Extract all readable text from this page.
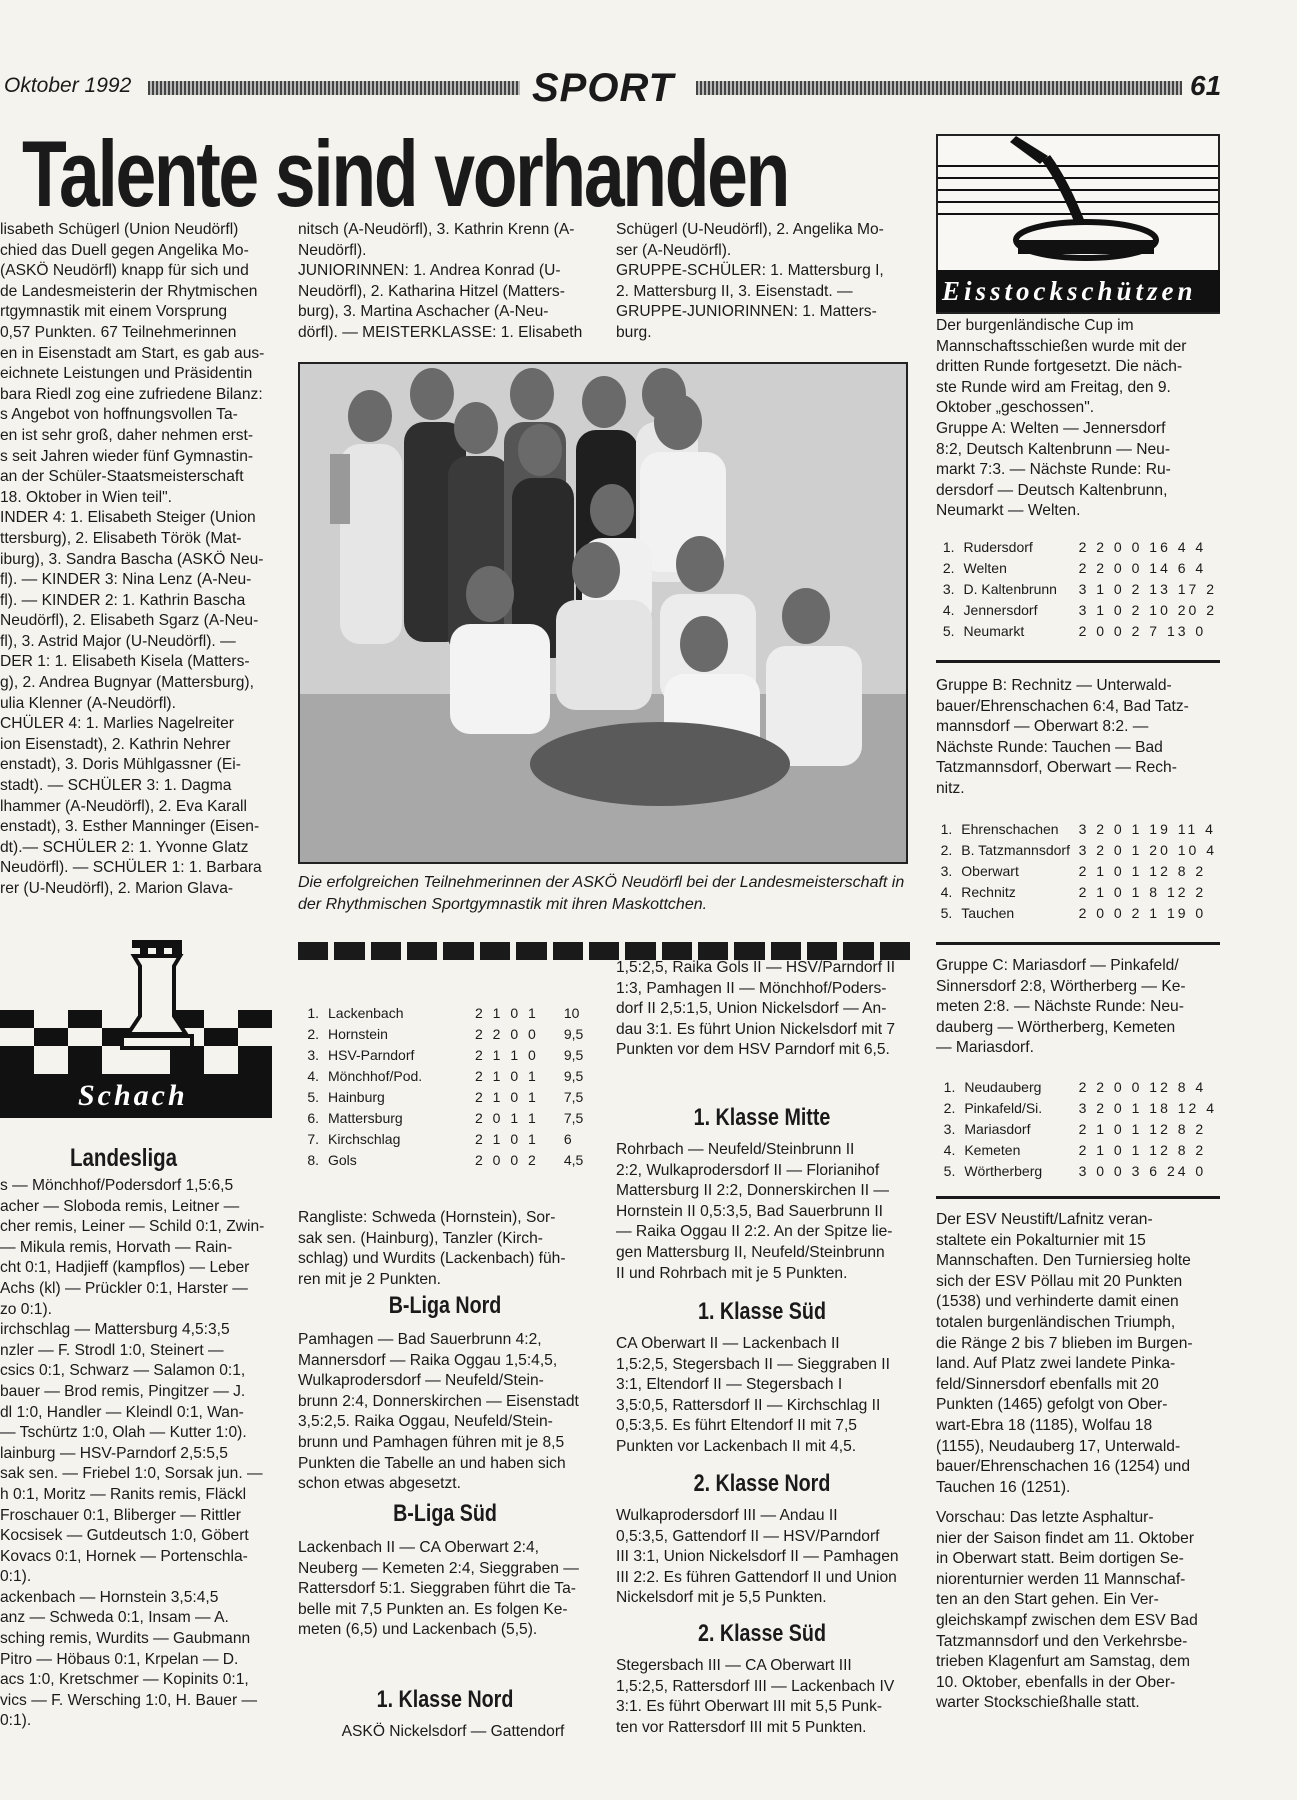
Oktober 1992	SPORT	61
Talente sind vorhanden
lisabeth Schügerl (Union Neudörfl)
chied das Duell gegen Angelika Mo-
(ASKÖ Neudörfl) knapp für sich und
de Landesmeisterin der Rhytmischen
rtgymnastik mit einem Vorsprung
0,57 Punkten. 67 Teilnehmerinnen
en in Eisenstadt am Start, es gab aus-
eichnete Leistungen und Präsidentin
bara Riedl zog eine zufriedene Bilanz:
s Angebot von hoffnungsvollen Ta-
en ist sehr groß, daher nehmen erst-
s seit Jahren wieder fünf Gymnastin-
an der Schüler-Staatsmeisterschaft
18. Oktober in Wien teil".
INDER 4: 1. Elisabeth Steiger (Union
ttersburg), 2. Elisabeth Török (Mat-
iburg), 3. Sandra Bascha (ASKÖ Neu-
fl). — KINDER 3: Nina Lenz (A-Neu-
fl). — KINDER 2: 1. Kathrin Bascha
Neudörfl), 2. Elisabeth Sgarz (A-Neu-
fl), 3. Astrid Major (U-Neudörfl). —
DER 1: 1. Elisabeth Kisela (Matters-
g), 2. Andrea Bugnyar (Mattersburg),
ulia Klenner (A-Neudörfl).
CHÜLER 4: 1. Marlies Nagelreiter
ion Eisenstadt), 2. Kathrin Nehrer
enstadt), 3. Doris Mühlgassner (Ei-
stadt). — SCHÜLER 3: 1. Dagma
lhammer (A-Neudörfl), 2. Eva Karall
enstadt), 3. Esther Manninger (Eisen-
dt).— SCHÜLER 2: 1. Yvonne Glatz
Neudörfl). — SCHÜLER 1: 1. Barbara
rer (U-Neudörfl), 2. Marion Glava-
nitsch (A-Neudörfl), 3. Kathrin Krenn (A-
Neudörfl).
JUNIORINNEN: 1. Andrea Konrad (U-
Neudörfl), 2. Katharina Hitzel (Matters-
burg), 3. Martina Aschacher (A-Neu-
dörfl). — MEISTERKLASSE: 1. Elisabeth
Schügerl (U-Neudörfl), 2. Angelika Mo-
ser (A-Neudörfl).
GRUPPE-SCHÜLER: 1. Mattersburg I,
2. Mattersburg II, 3. Eisenstadt. —
GRUPPE-JUNIORINNEN: 1. Matters-
burg.
Die erfolgreichen Teilnehmerinnen der ASKÖ Neudörfl bei der Landesmeisterschaft in der Rhythmischen Sportgymnastik mit ihren Maskottchen.
Schach
Landesliga
s — Mönchhof/Podersdorf 1,5:6,5
acher — Sloboda remis, Leitner —
cher remis, Leiner — Schild 0:1, Zwin-
— Mikula remis, Horvath — Rain-
cht 0:1, Hadjieff (kampflos) — Leber
Achs (kl) — Prückler 0:1, Harster —
zo 0:1).
irchschlag — Mattersburg 4,5:3,5
nzler — F. Strodl 1:0, Steinert —
csics 0:1, Schwarz — Salamon 0:1,
bauer — Brod remis, Pingitzer — J.
dl 1:0, Handler — Kleindl 0:1, Wan-
— Tschürtz 1:0, Olah — Kutter 1:0).
lainburg — HSV-Parndorf 2,5:5,5
sak sen. — Friebel 1:0, Sorsak jun. —
h 0:1, Moritz — Ranits remis, Fläckl
Froschauer 0:1, Bliberger — Rittler
Kocsisek — Gutdeutsch 1:0, Göbert
Kovacs 0:1, Hornek — Portenschla-
0:1).
ackenbach — Hornstein 3,5:4,5
anz — Schweda 0:1, Insam — A.
sching remis, Wurdits — Gaubmann
Pitro — Höbaus 0:1, Krpelan — D.
acs 1:0, Kretschmer — Kopinits 0:1,
vics — F. Wersching 1:0, H. Bauer —
0:1).
1.	Lackenbach	2 1 0 1	10
2.	Hornstein	2 2 0 0	9,5
3.	HSV-Parndorf	2 1 1 0	9,5
4.	Mönchhof/Pod.	2 1 0 1	9,5
5.	Hainburg	2 1 0 1	7,5
6.	Mattersburg	2 0 1 1	7,5
7.	Kirchschlag	2 1 0 1	6
8.	Gols	2 0 0 2	4,5
Rangliste: Schweda (Hornstein), Sor-
sak sen. (Hainburg), Tanzler (Kirch-
schlag) und Wurdits (Lackenbach) füh-
ren mit je 2 Punkten.
B-Liga Nord
Pamhagen — Bad Sauerbrunn 4:2,
Mannersdorf — Raika Oggau 1,5:4,5,
Wulkaprodersdorf — Neufeld/Stein-
brunn 2:4, Donnerskirchen — Eisenstadt
3,5:2,5. Raika Oggau, Neufeld/Stein-
brunn und Pamhagen führen mit je 8,5
Punkten die Tabelle an und haben sich
schon etwas abgesetzt.
B-Liga Süd
Lackenbach II — CA Oberwart 2:4,
Neuberg — Kemeten 2:4, Sieggraben —
Rattersdorf 5:1. Sieggraben führt die Ta-
belle mit 7,5 Punkten an. Es folgen Ke-
meten (6,5) und Lackenbach (5,5).
1. Klasse Nord
ASKÖ Nickelsdorf — Gattendorf
1,5:2,5, Raika Gols II — HSV/Parndorf II
1:3, Pamhagen II — Mönchhof/Poders-
dorf II 2,5:1,5, Union Nickelsdorf — An-
dau 3:1. Es führt Union Nickelsdorf mit 7
Punkten vor dem HSV Parndorf mit 6,5.
1. Klasse Mitte
Rohrbach — Neufeld/Steinbrunn II
2:2, Wulkaprodersdorf II — Florianihof
Mattersburg II 2:2, Donnerskirchen II —
Hornstein II 0,5:3,5, Bad Sauerbrunn II
— Raika Oggau II 2:2. An der Spitze lie-
gen Mattersburg II, Neufeld/Steinbrunn
II und Rohrbach mit je 5 Punkten.
1. Klasse Süd
CA Oberwart II — Lackenbach II
1,5:2,5, Stegersbach II — Sieggraben II
3:1, Eltendorf II — Stegersbach I
3,5:0,5, Rattersdorf II — Kirchschlag II
0,5:3,5. Es führt Eltendorf II mit 7,5
Punkten vor Lackenbach II mit 4,5.
2. Klasse Nord
Wulkaprodersdorf III — Andau II
0,5:3,5, Gattendorf II — HSV/Parndorf
III 3:1, Union Nickelsdorf II — Pamhagen
III 2:2. Es führen Gattendorf II und Union
Nickelsdorf mit je 5,5 Punkten.
2. Klasse Süd
Stegersbach III — CA Oberwart III
1,5:2,5, Rattersdorf III — Lackenbach IV
3:1. Es führt Oberwart III mit 5,5 Punk-
ten vor Rattersdorf III mit 5 Punkten.
Eisstockschützen
Der burgenländische Cup im
Mannschaftsschießen wurde mit der
dritten Runde fortgesetzt. Die näch-
ste Runde wird am Freitag, den 9.
Oktober „geschossen".
Gruppe A: Welten — Jennersdorf
8:2, Deutsch Kaltenbrunn — Neu-
markt 7:3. — Nächste Runde: Ru-
dersdorf — Deutsch Kaltenbrunn,
Neumarkt — Welten.
1.	Rudersdorf	2 2 0 0 16 4 4
2.	Welten	2 2 0 0 14 6 4
3.	D. Kaltenbrunn	3 1 0 2 13 17 2
4.	Jennersdorf	3 1 0 2 10 20 2
5.	Neumarkt	2 0 0 2 7 13 0
Gruppe B: Rechnitz — Unterwald-
bauer/Ehrenschachen 6:4, Bad Tatz-
mannsdorf — Oberwart 8:2. —
Nächste Runde: Tauchen — Bad
Tatzmannsdorf, Oberwart — Rech-
nitz.
1.	Ehrenschachen	3 2 0 1 19 11 4
2.	B. Tatzmannsdorf	3 2 0 1 20 10 4
3.	Oberwart	2 1 0 1 12 8 2
4.	Rechnitz	2 1 0 1 8 12 2
5.	Tauchen	2 0 0 2 1 19 0
Gruppe C: Mariasdorf — Pinkafeld/
Sinnersdorf 2:8, Wörtherberg — Ke-
meten 2:8. — Nächste Runde: Neu-
dauberg — Wörtherberg, Kemeten
— Mariasdorf.
1.	Neudauberg	2 2 0 0 12 8 4
2.	Pinkafeld/Si.	3 2 0 1 18 12 4
3.	Mariasdorf	2 1 0 1 12 8 2
4.	Kemeten	2 1 0 1 12 8 2
5.	Wörtherberg	3 0 0 3 6 24 0
Der ESV Neustift/Lafnitz veran-
staltete ein Pokalturnier mit 15
Mannschaften. Den Turniersieg holte
sich der ESV Pöllau mit 20 Punkten
(1538) und verhinderte damit einen
totalen burgenländischen Triumph,
die Ränge 2 bis 7 blieben im Burgen-
land. Auf Platz zwei landete Pinka-
feld/Sinnersdorf ebenfalls mit 20
Punkten (1465) gefolgt von Ober-
wart-Ebra 18 (1185), Wolfau 18
(1155), Neudauberg 17, Unterwald-
bauer/Ehrenschachen 16 (1254) und
Tauchen 16 (1251).
Vorschau: Das letzte Asphaltur-
nier der Saison findet am 11. Oktober
in Oberwart statt. Beim dortigen Se-
niorenturnier werden 11 Mannschaf-
ten an den Start gehen. Ein Ver-
gleichskampf zwischen dem ESV Bad
Tatzmannsdorf und den Verkehrsbe-
trieben Klagenfurt am Samstag, dem
10. Oktober, ebenfalls in der Ober-
warter Stockschießhalle statt.
